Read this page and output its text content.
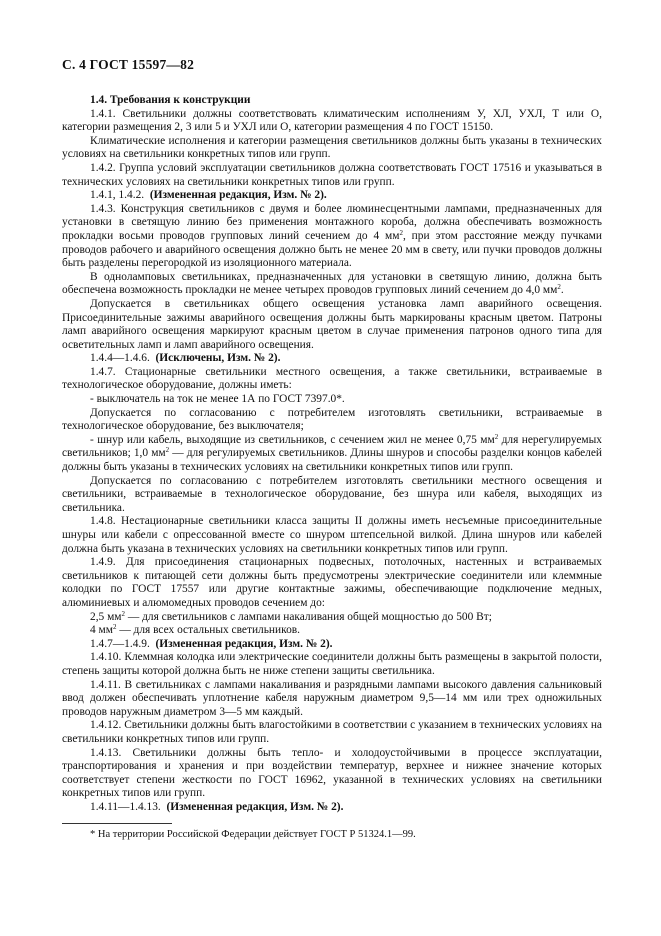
С. 4 ГОСТ 15597—82

1.4. Требования к конструкции

1.4.1. Светильники должны соответствовать климатическим исполнениям У, ХЛ, УХЛ, Т или О, категории размещения 2, 3 или 5 и УХЛ или О, категории размещения 4 по ГОСТ 15150.

Климатические исполнения и категории размещения светильников должны быть указаны в технических условиях на светильники конкретных типов или групп.

1.4.2. Группа условий эксплуатации светильников должна соответствовать ГОСТ 17516 и указываться в технических условиях на светильники конкретных типов или групп.

1.4.1, 1.4.2. (Измененная редакция, Изм. № 2).

1.4.3. Конструкция светильников с двумя и более люминесцентными лампами, предназначенных для установки в светящую линию без применения монтажного короба, должна обеспечивать возможность прокладки восьми проводов групповых линий сечением до 4 $мм^2$, при этом расстояние между пучками проводов рабочего и аварийного освещения должно быть не менее 20 мм в свету, или пучки проводов должны быть разделены перегородкой из изоляционного материала.

В однолампoвых светильниках, предназначенных для установки в светящую линию, должна быть обеспечена возможность прокладки не менее четырех проводов групповых линий сечением до 4,0 $мм^2$.

Допускается в светильниках общего освещения установка ламп аварийного освещения. Присоединительные зажимы аварийного освещения должны быть маркированы красным цветом. Патроны ламп аварийного освещения маркируют красным цветом в случае применения патронов одного типа для осветительных ламп и ламп аварийного освещения.

1.4.4—1.4.6. (Исключены, Изм. № 2).

1.4.7. Стационарные светильники местного освещения, а также светильники, встраиваемые в технологическое оборудование, должны иметь:

- выключатель на ток не менее 1А по ГОСТ 7397.0*.

Допускается по согласованию с потребителем изготовлять светильники, встраиваемые в технологическое оборудование, без выключателя;

- шнур или кабель, выходящие из светильников, с сечением жил не менее 0,75 $мм^2$ для нерегулируемых светильников; 1,0 $мм^2$ — для регулируемых светильников. Длины шнуров и способы разделки концов кабелей должны быть указаны в технических условиях на светильники конкретных типов или групп.

Допускается по согласованию с потребителем изготовлять светильники местного освещения и светильники, встраиваемые в технологическое оборудование, без шнура или кабеля, выходящих из светильника.

1.4.8. Нестационарные светильники класса защиты II должны иметь несъемные присоединительные шнуры или кабели с опрессованной вместе со шнуром штепсельной вилкой. Длина шнуров или кабелей должна быть указана в технических условиях на светильники конкретных типов или групп.

1.4.9. Для присоединения стационарных подвесных, потолочных, настенных и встраиваемых светильников к питающей сети должны быть предусмотрены электрические соединители или клеммные колодки по ГОСТ 17557 или другие контактные зажимы, обеспечивающие подключение медных, алюминиевых и алюмомедных проводов сечением до:

2,5 $мм^2$ — для светильников с лампами накаливания общей мощностью до 500 Вт;

4 $мм^2$ — для всех остальных светильников.

1.4.7—1.4.9. (Измененная редакция, Изм. № 2).

1.4.10. Клеммная колодка или электрические соединители должны быть размещены в закрытой полости, степень защиты которой должна быть не ниже степени защиты светильника.

1.4.11. В светильниках с лампами накаливания и разрядными лампами высокого давления сальниковый ввод должен обеспечивать уплотнение кабеля наружным диаметром 9,5—14 мм или трех одножильных проводов наружным диаметром 3—5 мм каждый.

1.4.12. Светильники должны быть влагостойкими в соответствии с указанием в технических условиях на светильники конкретных типов или групп.

1.4.13. Светильники должны быть тепло- и холодоустойчивыми в процессе эксплуатации, транспортирования и хранения и при воздействии температур, верхнее и нижнее значение которых соответствует степени жесткости по ГОСТ 16962, указанной в технических условиях на светильники конкретных типов или групп.

1.4.11—1.4.13. (Измененная редакция, Изм. № 2).

* На территории Российской Федерации действует ГОСТ Р 51324.1—99.
